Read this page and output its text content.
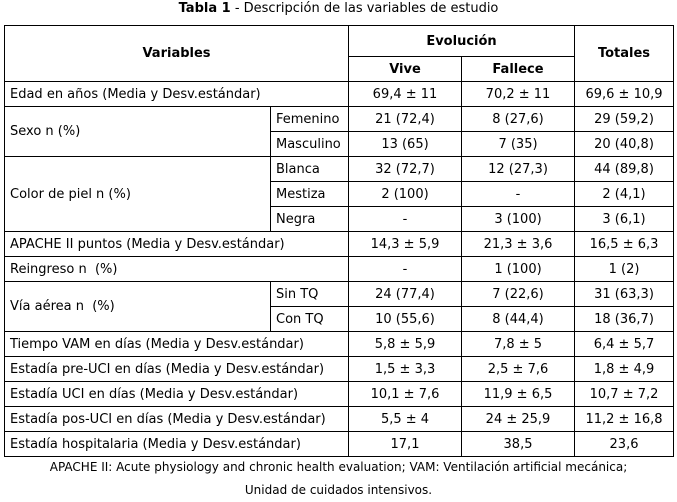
Tabla 1 - Descripción de las variables de estudio
Variables		Evolución		Totales
		Vive	Fallece	
Edad en años (Media y Desv.estándar)		69,4 ± 11	70,2 ± 11	69,6 ± 10,9
Sexo n (%)	Femenino	21 (72,4)	8 (27,6)	29 (59,2)
	Masculino	13 (65)	7 (35)	20 (40,8)
Color de piel n (%)	Blanca	32 (72,7)	12 (27,3)	44 (89,8)
	Mestiza	2 (100)	-	2 (4,1)
	Negra	-	3 (100)	3 (6,1)
APACHE II puntos (Media y Desv.estándar)		14,3 ± 5,9	21,3 ± 3,6	16,5 ± 6,3
Reingreso n  (%)		-	1 (100)	1 (2)
Vía aérea n  (%)	Sin TQ	24 (77,4)	7 (22,6)	31 (63,3)
	Con TQ	10 (55,6)	8 (44,4)	18 (36,7)
Tiempo VAM en días (Media y Desv.estándar)		5,8 ± 5,9	7,8 ± 5	6,4 ± 5,7
Estadía pre-UCI en días (Media y Desv.estándar)		1,5 ± 3,3	2,5 ± 7,6	1,8 ± 4,9
Estadía UCI en días (Media y Desv.estándar)		10,1 ± 7,6	11,9 ± 6,5	10,7 ± 7,2
Estadía pos-UCI en días (Media y Desv.estándar)		5,5 ± 4	24 ± 25,9	11,2 ± 16,8
Estadía hospitalaria (Media y Desv.estándar)		17,1	38,5	23,6
APACHE II: Acute physiology and chronic health evaluation; VAM: Ventilación artificial mecánica;
Unidad de cuidados intensivos.
